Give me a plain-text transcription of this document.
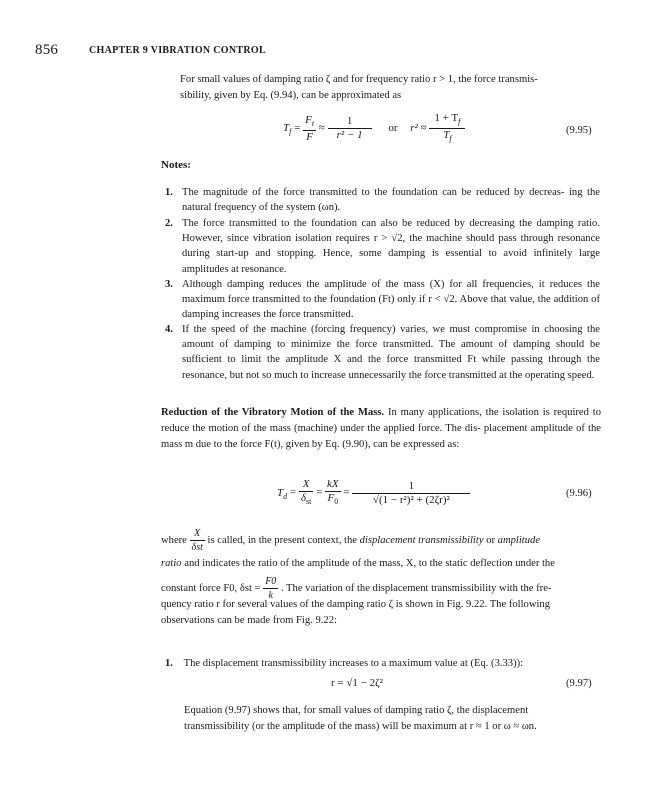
856	CHAPTER 9 VIBRATION CONTROL
For small values of damping ratio ζ and for frequency ratio r > 1, the force transmis-
sibility, given by Eq. (9.94), can be approximated as
$T_f = \frac{F_t}{F} \approx \frac{1}{\text{r² − 1}}$ or $r^2 \approx \frac{1 + T_f}{T_f}$	(9.95)
Notes:
1. The magnitude of the force transmitted to the foundation can be reduced by decreas- ing the natural frequency of the system (ωn).
2. The force transmitted to the foundation can also be reduced by decreasing the damping ratio. However, since vibration isolation requires r > √2, the machine should pass through resonance during start-up and stopping. Hence, some damping is essential to avoid infinitely large amplitudes at resonance.
3. Although damping reduces the amplitude of the mass (X) for all frequencies, it reduces the maximum force transmitted to the foundation (Ft) only if r < √2. Above that value, the addition of damping increases the force transmitted.
4. If the speed of the machine (forcing frequency) varies, we must compromise in choosing the amount of damping to minimize the force transmitted. The amount of damping should be sufficient to limit the amplitude X and the force transmitted Ft while passing through the resonance, but not so much to increase unnecessarily the force transmitted at the operating speed.
Reduction of the Vibratory Motion of the Mass. In many applications, the isolation is required to reduce the motion of the mass (machine) under the applied force. The dis- placement amplitude of the mass m due to the force F(t), given by Eq. (9.90), can be expressed as:
$T_d = \frac{X}{\delta_{st}} = \frac{kX}{F_0} = \frac{1}{\text{√(1 − r²)² + (2ζr)²}}$	(9.96)
where $\frac{X}{\text{δst}}$ is called, in the present context, the displacement transmissibility or amplitude
ratio and indicates the ratio of the amplitude of the mass, X, to the static deflection under the
constant force F0, $\delta st = \frac{F0}{k}$ . The variation of the displacement transmissibility with the fre-
quency ratio r for several values of the damping ratio ζ is shown in Fig. 9.22. The following
observations can be made from Fig. 9.22:
1. The displacement transmissibility increases to a maximum value at (Eq. (3.33)):
r = √1 − 2ζ²	(9.97)
Equation (9.97) shows that, for small values of damping ratio ζ, the displacement
transmissibility (or the amplitude of the mass) will be maximum at r ≈ 1 or ω ≈ ωn.
